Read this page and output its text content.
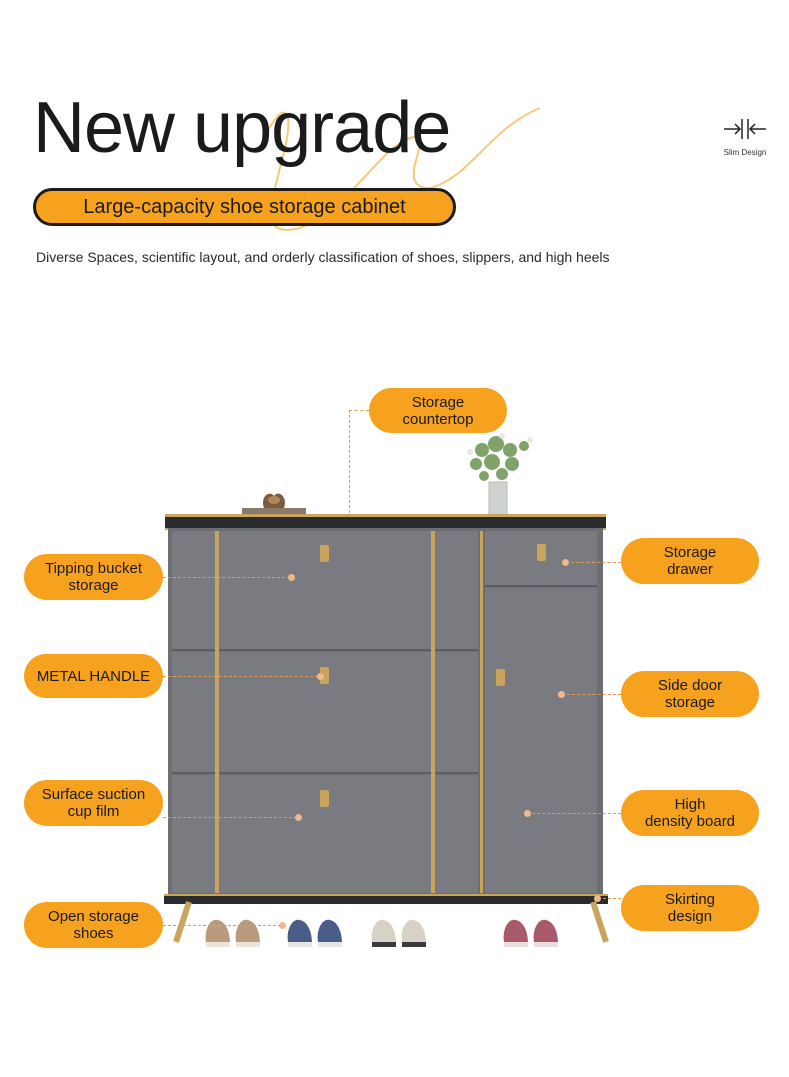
New upgrade
Large-capacity shoe storage cabinet
Slim Design
Diverse Spaces, scientific layout, and orderly classification of shoes, slippers, and high heels
Storage
countertop
Tipping bucket
storage
METAL HANDLE
Surface suction
cup film
Open storage
shoes
Storage
drawer
Side door
storage
High
density board
Skirting
design
